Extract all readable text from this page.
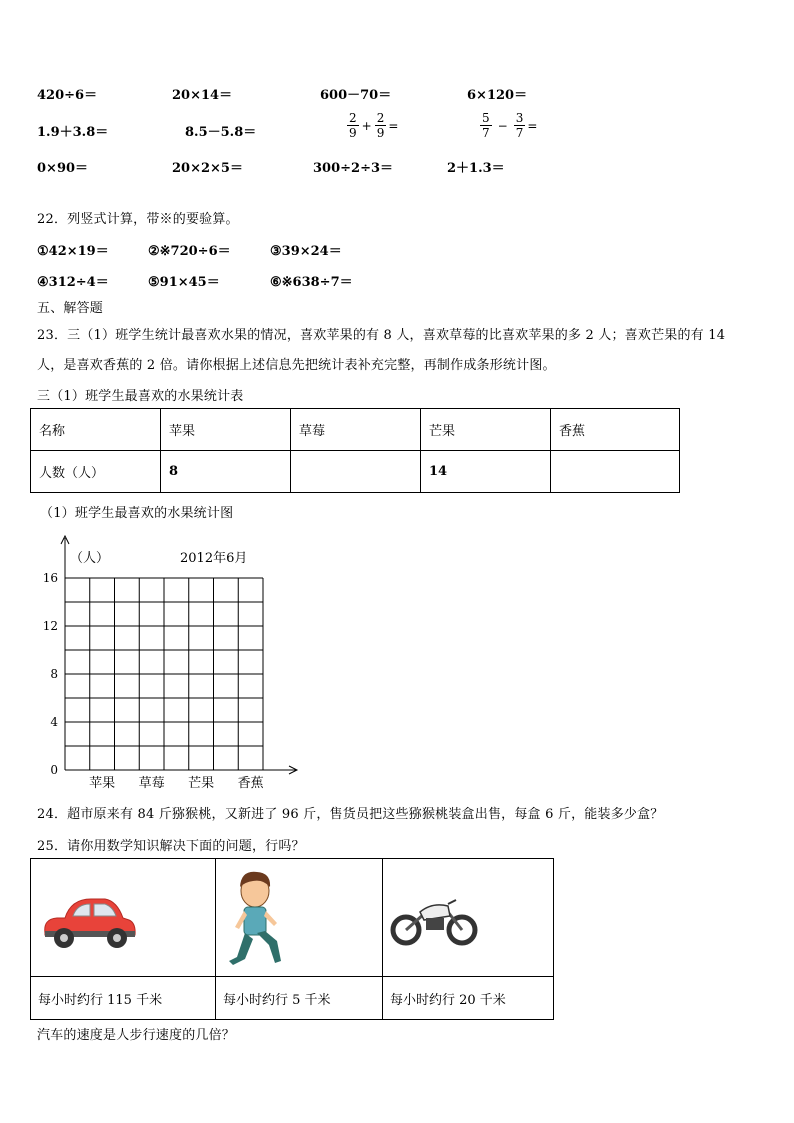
420÷6＝	20×14＝	600－70＝	6×120＝
1.9＋3.8＝	8.5－5.8＝	$\frac{2}{9} + \frac{2}{9}$ =	$\frac{5}{7} - \frac{3}{7}$ =
0×90＝	20×2×5＝	300÷2÷3＝	2＋1.3＝
22．列竖式计算，带※的要验算。
①42×19＝	②※720÷6＝	③39×24＝
④312÷4＝	⑤91×45＝	⑥※638÷7＝
五、解答题
23．三（1）班学生统计最喜欢水果的情况，喜欢苹果的有 8 人，喜欢草莓的比喜欢苹果的多 2 人；喜欢芒果的有 14
人，是喜欢香蕉的 2 倍。请你根据上述信息先把统计表补充完整，再制作成条形统计图。
三（1）班学生最喜欢的水果统计表
名称	苹果	草莓	芒果	香蕉
人数（人）	8		14	
（1）班学生最喜欢的水果统计图
（人）	2012年6月
16
12
8
4
0
苹果 草莓 芒果 香蕉
24．超市原来有 84 斤猕猴桃，又新进了 96 斤，售货员把这些猕猴桃装盒出售，每盒 6 斤，能装多少盒？
25．请你用数学知识解决下面的问题，行吗？

每小时约行 115 千米	每小时约行 5 千米	每小时约行 20 千米
汽车的速度是人步行速度的几倍？
